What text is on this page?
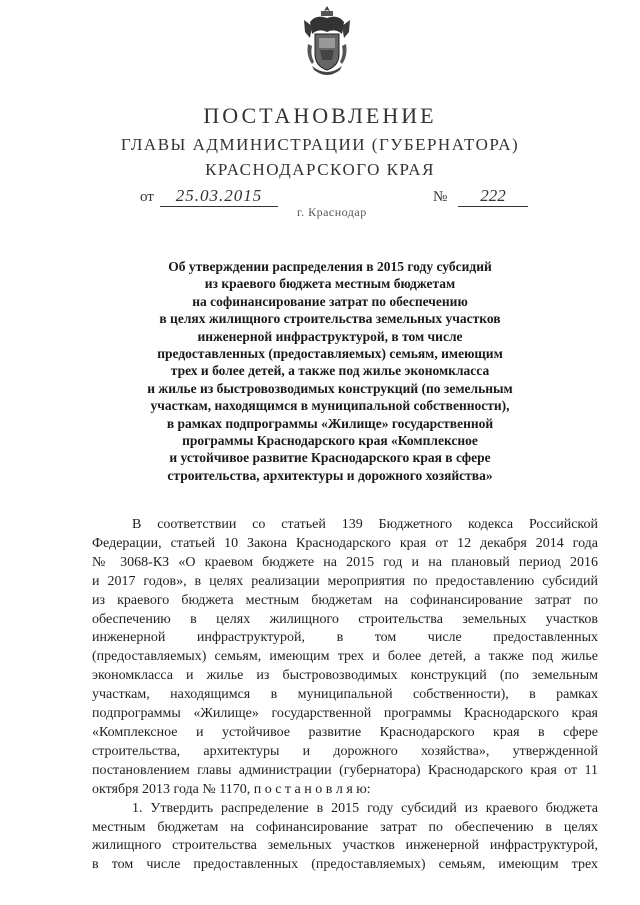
ПОСТАНОВЛЕНИЕ
ГЛАВЫ АДМИНИСТРАЦИИ (ГУБЕРНАТОРА)
КРАСНОДАРСКОГО КРАЯ
от	25.03.2015	№	222
г. Краснодар
Об утверждении распределения в 2015 году субсидий
из краевого бюджета местным бюджетам
на софинансирование затрат по обеспечению
в целях жилищного строительства земельных участков
инженерной инфраструктурой, в том числе
предоставленных (предоставляемых) семьям, имеющим
трех и более детей, а также под жилье экономкласса
и жилье из быстровозводимых конструкций (по земельным
участкам, находящимся в муниципальной собственности),
в рамках подпрограммы «Жилище» государственной
программы Краснодарского края «Комплексное
и устойчивое развитие Краснодарского края в сфере
строительства, архитектуры и дорожного хозяйства»
В соответствии со статьей 139 Бюджетного кодекса Российской
Федерации, статьей 10 Закона Краснодарского края от 12 декабря 2014 года
№ 3068-КЗ «О краевом бюджете на 2015 год и на плановый период 2016
и 2017 годов», в целях реализации мероприятия по предоставлению субсидий
из краевого бюджета местным бюджетам на софинансирование затрат по
обеспечению в целях жилищного строительства земельных участков
инженерной инфраструктурой, в том числе предоставленных
(предоставляемых) семьям, имеющим трех и более детей, а также под жилье
экономкласса и жилье из быстровозводимых конструкций (по земельным
участкам, находящимся в муниципальной собственности), в рамках
подпрограммы «Жилище» государственной программы Краснодарского края
«Комплексное и устойчивое развитие Краснодарского края в сфере
строительства, архитектуры и дорожного хозяйства», утвержденной
постановлением главы администрации (губернатора) Краснодарского края от 11
октября 2013 года № 1170, п о с т а н о в л я ю:
1. Утвердить распределение в 2015 году субсидий из краевого бюджета
местным бюджетам на софинансирование затрат по обеспечению в целях
жилищного строительства земельных участков инженерной инфраструктурой,
в том числе предоставленных (предоставляемых) семьям, имеющим трех
